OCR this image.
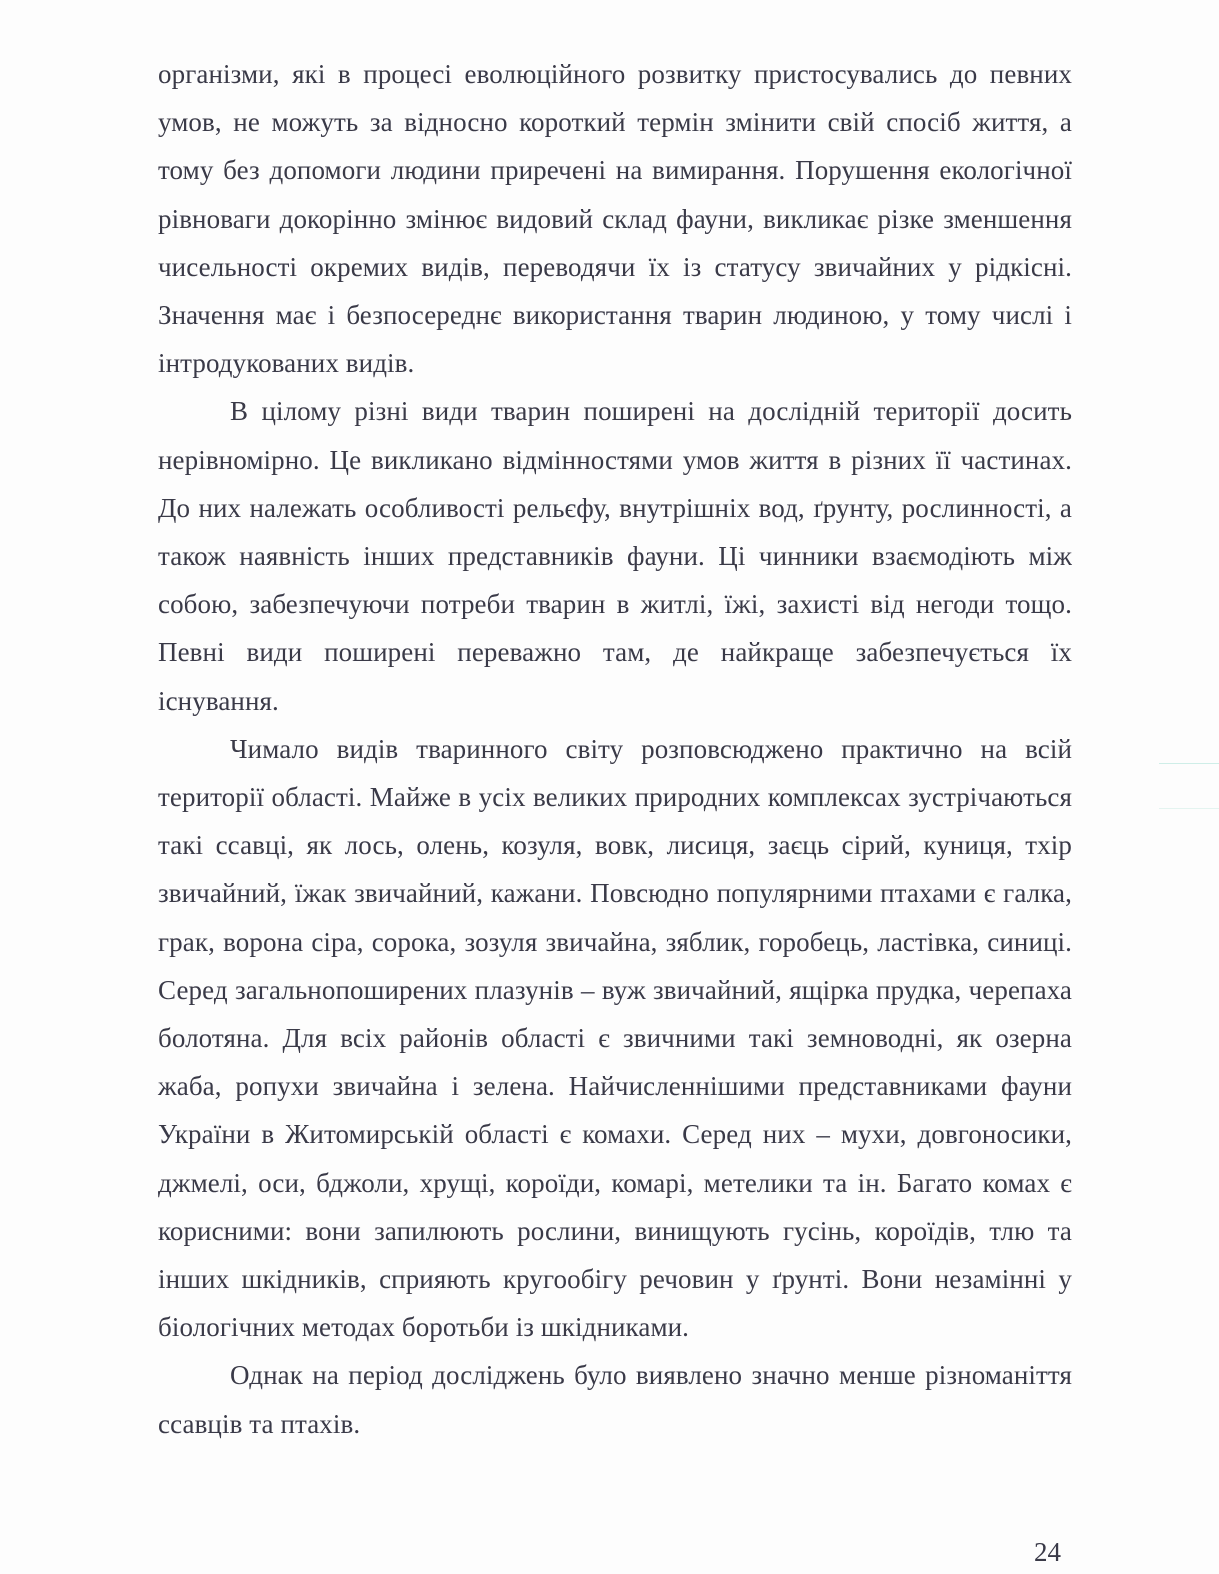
організми, які в процесі еволюційного розвитку пристосувались до певних умов, не можуть за відносно короткий термін змінити свій спосіб життя, а тому без допомоги людини приречені на вимирання. Порушення екологічної рівноваги докорінно змінює видовий склад фауни, викликає різке зменшення чисельності окремих видів, переводячи їх із статусу звичайних у рідкісні. Значення має і безпосереднє використання тварин людиною, у тому числі і інтродукованих видів.

В цілому різні види тварин поширені на дослідній території досить нерівномірно. Це викликано відмінностями умов життя в різних її частинах. До них належать особливості рельєфу, внутрішніх вод, ґрунту, рослинності, а також наявність інших представників фауни. Ці чинники взаємодіють між собою, забезпечуючи потреби тварин в житлі, їжі, захисті від негоди тощо. Певні види поширені переважно там, де найкраще забезпечується їх існування.

Чимало видів тваринного світу розповсюджено практично на всій території області. Майже в усіх великих природних комплексах зустрічаються такі ссавці, як лось, олень, козуля, вовк, лисиця, заєць сірий, куниця, тхір звичайний, їжак звичайний, кажани. Повсюдно популярними птахами є галка, грак, ворона сіра, сорока, зозуля звичайна, зяблик, горобець, ластівка, синиці. Серед загальнопоширених плазунів – вуж звичайний, ящірка прудка, черепаха болотяна. Для всіх районів області є звичними такі земноводні, як озерна жаба, ропухи звичайна і зелена. Найчисленнішими представниками фауни України в Житомирській області є комахи. Серед них – мухи, довгоносики, джмелі, оси, бджоли, хрущі, короїди, комарі, метелики та ін. Багато комах є корисними: вони запилюють рослини, винищують гусінь, короїдів, тлю та інших шкідників, сприяють кругообігу речовин у ґрунті. Вони незамінні у біологічних методах боротьби із шкідниками.

Однак на період досліджень було виявлено значно менше різноманіття ссавців та птахів.

24
